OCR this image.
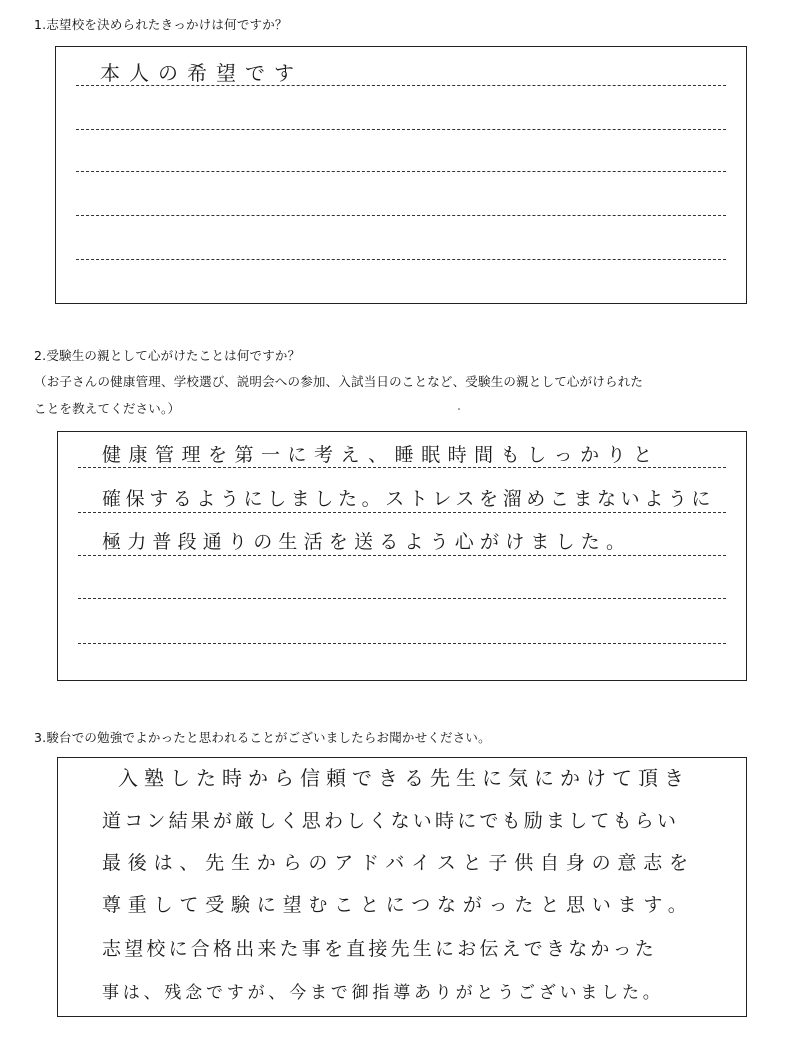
1.志望校を決められたきっかけは何ですか？
本人の希望です
2.受験生の親として心がけたことは何ですか？
（お子さんの健康管理、学校選び、説明会への参加、入試当日のことなど、受験生の親として心がけられた
ことを教えてください。）
健康管理を第一に考え、睡眠時間もしっかりと
確保するようにしました。ストレスを溜めこまないように
極力普段通りの生活を送るよう心がけました。
3.駿台での勉強でよかったと思われることがございましたらお聞かせください。
入塾した時から信頼できる先生に気にかけて頂き
道コン結果が厳しく思わしくない時にでも励ましてもらい
最後は、先生からのアドバイスと子供自身の意志を
尊重して受験に望むことにつながったと思います。
志望校に合格出来た事を直接先生にお伝えできなかった
事は、残念ですが、今まで御指導ありがとうございました。
